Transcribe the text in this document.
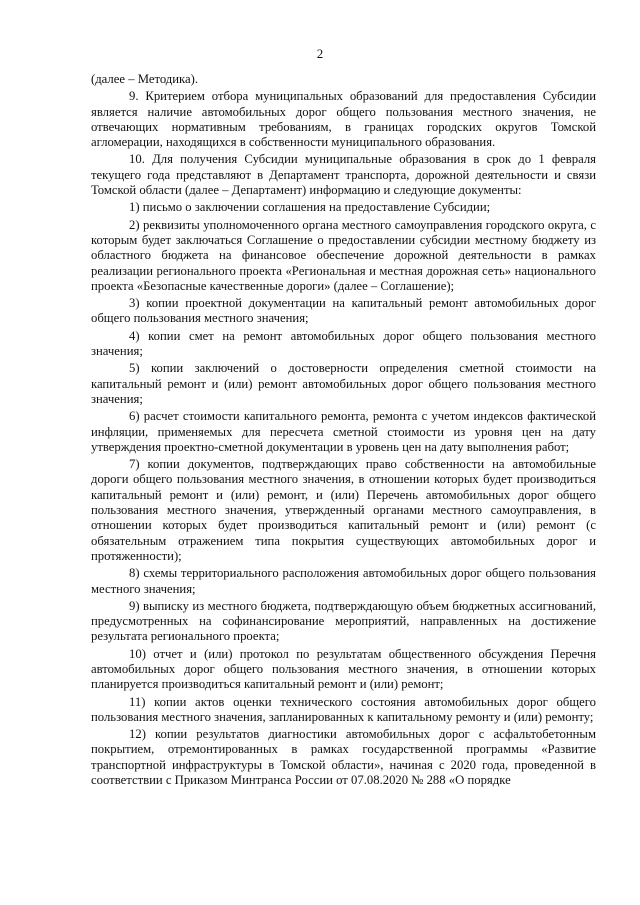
2

(далее – Методика).

9. Критерием отбора муниципальных образований для предоставления Субсидии является наличие автомобильных дорог общего пользования местного значения, не отвечающих нормативным требованиям, в границах городских округов Томской агломерации, находящихся в собственности муниципального образования.

10. Для получения Субсидии муниципальные образования в срок до 1 февраля текущего года представляют в Департамент транспорта, дорожной деятельности и связи Томской области (далее – Департамент) информацию и следующие документы:

1) письмо о заключении соглашения на предоставление Субсидии;

2) реквизиты уполномоченного органа местного самоуправления городского округа, с которым будет заключаться Соглашение о предоставлении субсидии местному бюджету из областного бюджета на финансовое обеспечение дорожной деятельности в рамках реализации регионального проекта «Региональная и местная дорожная сеть» национального проекта «Безопасные качественные дороги» (далее – Соглашение);

3) копии проектной документации на капитальный ремонт автомобильных дорог общего пользования местного значения;

4) копии смет на ремонт автомобильных дорог общего пользования местного значения;

5) копии заключений о достоверности определения сметной стоимости на капитальный ремонт и (или) ремонт автомобильных дорог общего пользования местного значения;

6) расчет стоимости капитального ремонта, ремонта с учетом индексов фактической инфляции, применяемых для пересчета сметной стоимости из уровня цен на дату утверждения проектно-сметной документации в уровень цен на дату выполнения работ;

7) копии документов, подтверждающих право собственности на автомобильные дороги общего пользования местного значения, в отношении которых будет производиться капитальный ремонт и (или) ремонт, и (или) Перечень автомобильных дорог общего пользования местного значения, утвержденный органами местного самоуправления, в отношении которых будет производиться капитальный ремонт и (или) ремонт (с обязательным отражением типа покрытия существующих автомобильных дорог и протяженности);

8) схемы территориального расположения автомобильных дорог общего пользования местного значения;

9) выписку из местного бюджета, подтверждающую объем бюджетных ассигнований, предусмотренных на софинансирование мероприятий, направленных на достижение результата регионального проекта;

10) отчет и (или) протокол по результатам общественного обсуждения Перечня автомобильных дорог общего пользования местного значения, в отношении которых планируется производиться капитальный ремонт и (или) ремонт;

11) копии актов оценки технического состояния автомобильных дорог общего пользования местного значения, запланированных к капитальному ремонту и (или) ремонту;

12) копии результатов диагностики автомобильных дорог с асфальтобетонным покрытием, отремонтированных в рамках государственной программы «Развитие транспортной инфраструктуры в Томской области», начиная с 2020 года, проведенной в соответствии с Приказом Минтранса России от 07.08.2020 № 288 «О порядке
